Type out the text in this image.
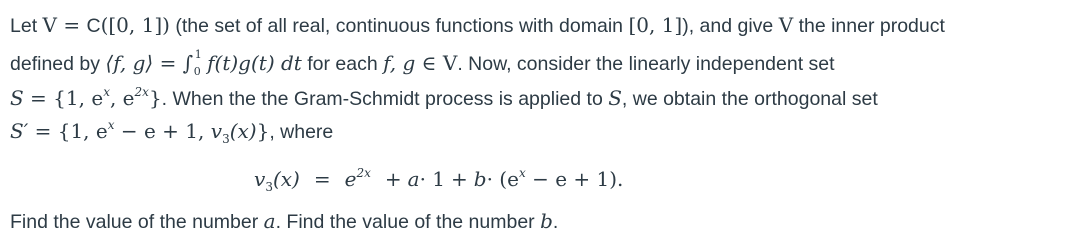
Let V = C([0, 1]) (the set of all real, continuous functions with domain [0, 1]), and give V the inner product
defined by ⟨f, g⟩ = ∫ 0
1 f(t)g(t) dt for each f, g ∈ V. Now, consider the linearly independent set
S = {1, $e^x$, $e^{2x}$}. When the the Gram-Schmidt process is applied to S, we obtain the orthogonal set
S′ = {1, $e^x - e + 1$, $v_3(x)$}, where
$v_3(x) = e^{2x} + a\cdot 1 + b\cdot (e^x - e + 1)$.
Find the value of the number a. Find the value of the number b.
